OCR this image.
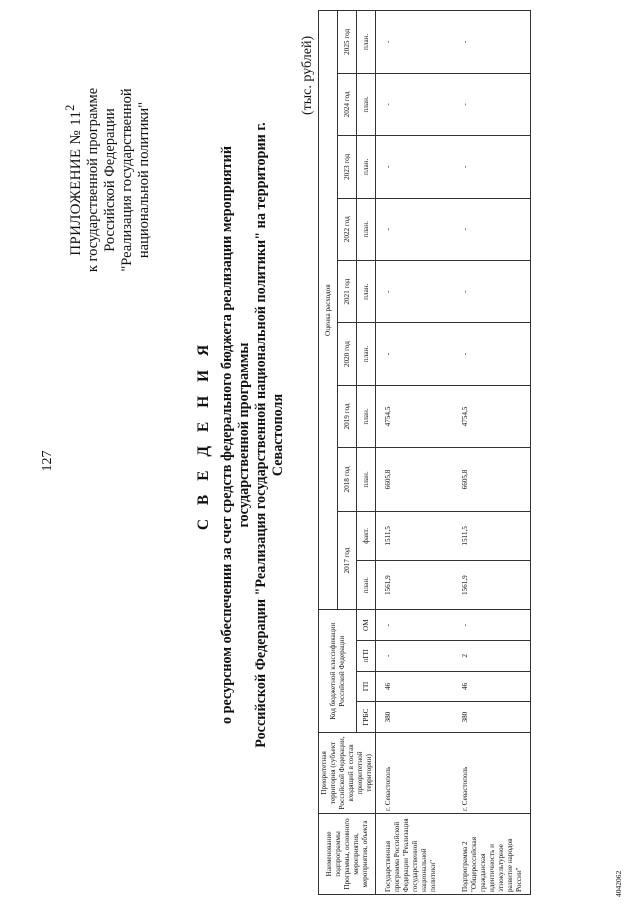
127
ПРИЛОЖЕНИЕ № $11^2$ к государственной программе Российской Федерации "Реализация государственной национальной политики"
С В Е Д Е Н И Я о ресурсном обеспечении за счет средств федерального бюджета реализации мероприятий государственной программы Российской Федерации "Реализация государственной национальной политики" на территории г. Севастополя
(тыс. рублей)
Наименование подпрограммы Программы, основного мероприятия, мероприятия, объекта	Приоритетная территория (субъект Российской Федерации, входящий в состав приоритетной территории)	Код бюджетной классификации Российской Федерации				Оценка расходов									
						2017 год		2018 год	2019 год	2020 год	2021 год	2022 год	2023 год	2024 год	2025 год
		ГРБС	ГП	пГП	ОМ	план.	факт.	план.	план.	план.	план.	план.	план.	план.	план.
Государственная программа Российской Федерации "Реализация государственной национальной политики"	г. Севастополь	380	46	-	-	1561,9	1511,5	6605,8	4754,5	-	-	-	-	-	-
Подпрограмма 2 "Общероссийская гражданская идентичность и этнокультурное развитие народов России"	г. Севастополь	380	46	2	-	1561,9	1511,5	6605,8	4754,5	-	-	-	-	-	-
4042062
